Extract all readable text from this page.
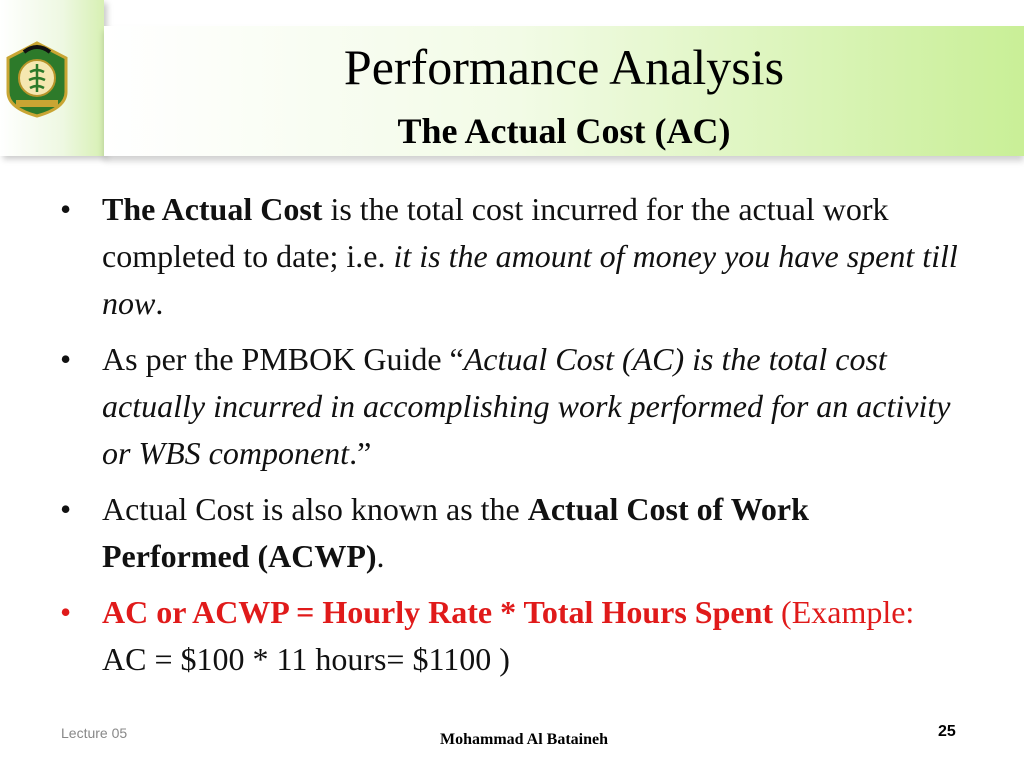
Performance Analysis
The Actual Cost (AC)
• The Actual Cost is the total cost incurred for the actual work completed to date; i.e. it is the amount of money you have spent till now.
• As per the PMBOK Guide “Actual Cost (AC) is the total cost actually incurred in accomplishing work performed for an activity or WBS component.”
• Actual Cost is also known as the Actual Cost of Work Performed (ACWP).
• AC or ACWP = Hourly Rate * Total Hours Spent (Example: AC = $100 * 11 hours= $1100 )
Lecture 05	Mohammad Al Bataineh	25
